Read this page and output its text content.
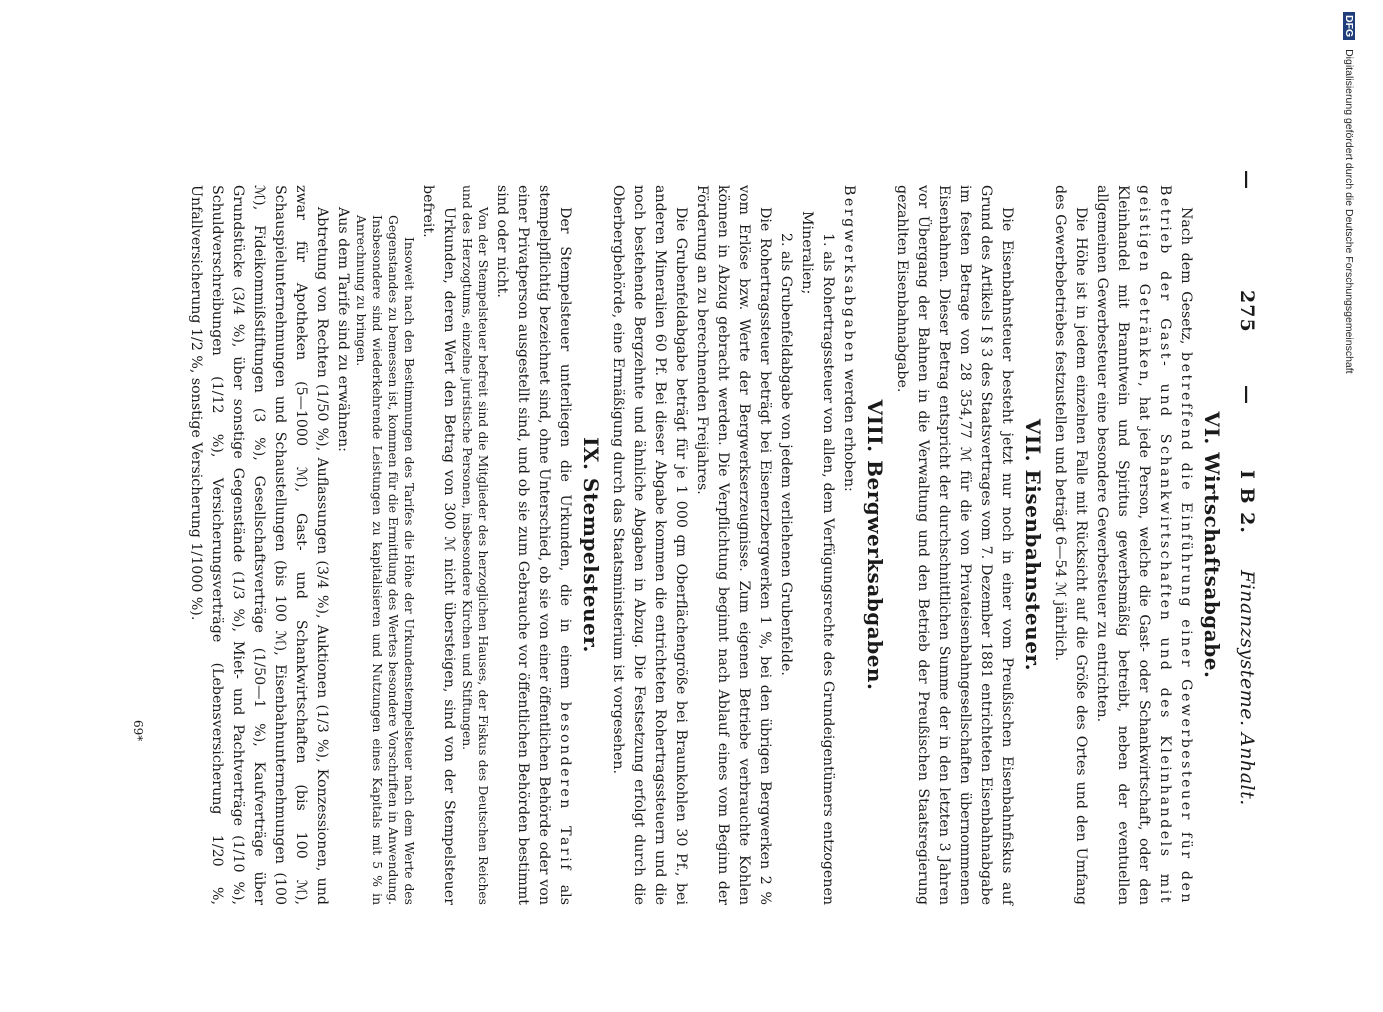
—
275
—
I B 2.
Finanzsysteme. Anhalt.
VI. Wirtschaftsabgabe.

Nach dem Gesetz, betreffend die Einführung einer Gewerbesteuer für den Betrieb der Gast- und Schankwirtschaften und des Kleinhandels mit geistigen Getränken, hat jede Person, welche die Gast- oder Schankwirtschaft, oder den Kleinhandel mit Branntwein und Spiritus gewerbsmäßig betreibt, neben der eventuellen allgemeinen Gewerbesteuer eine besondere Gewerbesteuer zu entrichten.

Die Höhe ist in jedem einzelnen Falle mit Rücksicht auf die Größe des Ortes und den Umfang des Gewerbebetriebes festzustellen und beträgt 6—54 ℳ jährlich.

VII. Eisenbahnsteuer.

Die Eisenbahnsteuer besteht jetzt nur noch in einer vom Preußischen Eisenbahnfiskus auf Grund des Artikels I § 3 des Staatsvertrages vom 7. Dezember 1881 entrichteten Eisenbahnabgabe im festen Betrage von 28 354,77 ℳ für die von Privateisenbahngesellschaften übernommenen Eisenbahnen. Dieser Betrag entspricht der durchschnittlichen Summe der in den letzten 3 Jahren vor Übergang der Bahnen in die Verwaltung und den Betrieb der Preußischen Staatsregierung gezahlten Eisenbahnabgabe.

VIII. Bergwerksabgaben.

Bergwerksabgaben werden erhoben:

1. als Rohertragssteuer von allen, dem Verfügungsrechte des Grundeigentümers entzogenen Mineralien;

2. als Grubenfeldabgabe von jedem verliehenen Grubenfelde.

Die Rohertragssteuer beträgt bei Eisenerzbergwerken 1 %, bei den übrigen Bergwerken 2 % vom Erlöse bzw. Werte der Bergwerkserzeugnisse. Zum eigenen Betriebe verbrauchte Kohlen können in Abzug gebracht werden. Die Verpflichtung beginnt nach Ablauf eines vom Beginn der Förderung an zu berechnenden Freijahres.

Die Grubenfeldabgabe beträgt für je 1 000 qm Oberflächengröße bei Braunkohlen 30 Pf., bei anderen Mineralien 60 Pf. Bei dieser Abgabe kommen die entrichteten Rohertragssteuern und die noch bestehende Bergzehnte und ähnliche Abgaben in Abzug. Die Festsetzung erfolgt durch die Oberbergbehörde, eine Ermäßigung durch das Staatsministerium ist vorgesehen.

IX. Stempelsteuer.

Der Stempelsteuer unterliegen die Urkunden, die in einem besonderen Tarif als stempelpflichtig bezeichnet sind, ohne Unterschied, ob sie von einer öffentlichen Behörde oder von einer Privatperson ausgestellt sind, und ob sie zum Gebrauche vor öffentlichen Behörden bestimmt sind oder nicht.

Von der Stempelsteuer befreit sind die Mitglieder des herzoglichen Hauses, der Fiskus des Deutschen Reiches und des Herzogtums, einzelne juristische Personen, insbesondere Kirchen und Stiftungen.

Urkunden, deren Wert den Betrag von 300 ℳ nicht übersteigen, sind von der Stempelsteuer befreit.

Insoweit nach den Bestimmungen des Tarifes die Höhe der Urkundenstempelsteuer nach dem Werte des Gegenstandes zu bemessen ist, kommen für die Ermittlung des Wertes besondere Vorschriften in Anwendung. Insbesondere sind wiederkehrende Leistungen zu kapitalisieren und Nutzungen eines Kapitals mit 5 % in Anrechnung zu bringen.

Aus dem Tarife sind zu erwähnen:

Abtretung von Rechten (1/50 %), Auflassungen (3/4 %), Auktionen (1/3 %), Konzessionen, und zwar für Apotheken (5—1000 ℳ), Gast- und Schankwirtschaften (bis 100 ℳ), Schauspielunternehmungen und Schaustellungen (bis 100 ℳ), Eisenbahnunternehmungen (100 ℳ), Fideikommißstiftungen (3 %), Gesellschaftsverträge (1/50—1 %), Kaufverträge über Grundstücke (3/4 %), über sonstige Gegenstände (1/3 %), Miet- und Pachtverträge (1/10 %), Schuldverschreibungen (1/12 %), Versicherungsverträge (Lebensversicherung 1/20 %, Unfallversicherung 1/2 %, sonstige Versicherung 1/1000 %).

69*
DFG Digitalisierung gefördert durch die Deutsche Forschungsgemeinschaft
